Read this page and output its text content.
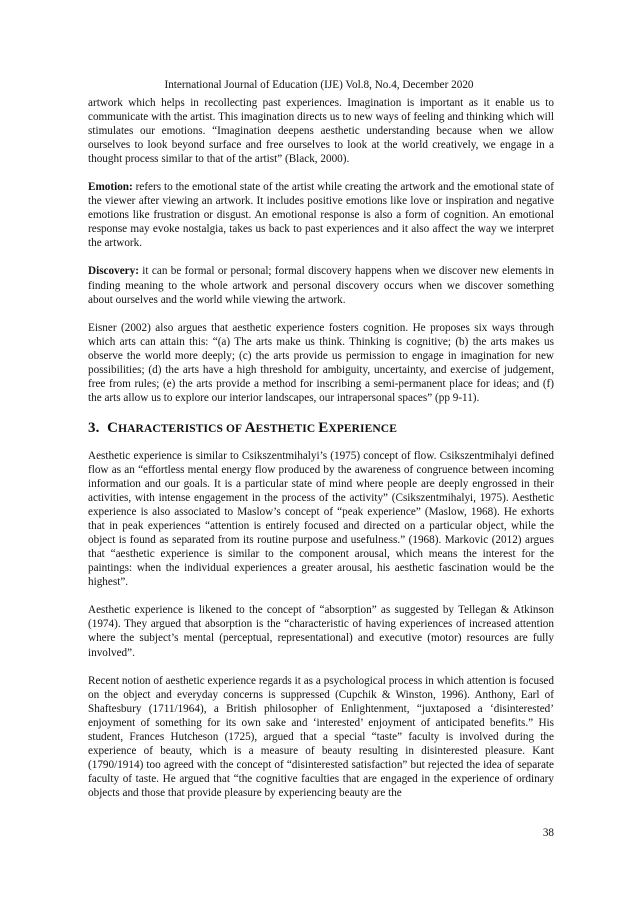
International Journal of Education (IJE) Vol.8, No.4, December 2020

artwork which helps in recollecting past experiences. Imagination is important as it enable us to communicate with the artist. This imagination directs us to new ways of feeling and thinking which will stimulates our emotions. “Imagination deepens aesthetic understanding because when we allow ourselves to look beyond surface and free ourselves to look at the world creatively, we engage in a thought process similar to that of the artist” (Black, 2000).

Emotion: refers to the emotional state of the artist while creating the artwork and the emotional state of the viewer after viewing an artwork. It includes positive emotions like love or inspiration and negative emotions like frustration or disgust. An emotional response is also a form of cognition. An emotional response may evoke nostalgia, takes us back to past experiences and it also affect the way we interpret the artwork.

Discovery: it can be formal or personal; formal discovery happens when we discover new elements in finding meaning to the whole artwork and personal discovery occurs when we discover something about ourselves and the world while viewing the artwork.

Eisner (2002) also argues that aesthetic experience fosters cognition. He proposes six ways through which arts can attain this: “(a) The arts make us think. Thinking is cognitive; (b) the arts makes us observe the world more deeply; (c) the arts provide us permission to engage in imagination for new possibilities; (d) the arts have a high threshold for ambiguity, uncertainty, and exercise of judgement, free from rules; (e) the arts provide a method for inscribing a semi-permanent place for ideas; and (f) the arts allow us to explore our interior landscapes, our intrapersonal spaces” (pp 9-11).

3. CHARACTERISTICS OF AESTHETIC EXPERIENCE

Aesthetic experience is similar to Csikszentmihalyi’s (1975) concept of flow. Csikszentmihalyi defined flow as an “effortless mental energy flow produced by the awareness of congruence between incoming information and our goals. It is a particular state of mind where people are deeply engrossed in their activities, with intense engagement in the process of the activity” (Csikszentmihalyi, 1975). Aesthetic experience is also associated to Maslow’s concept of “peak experience” (Maslow, 1968). He exhorts that in peak experiences “attention is entirely focused and directed on a particular object, while the object is found as separated from its routine purpose and usefulness.” (1968). Markovic (2012) argues that “aesthetic experience is similar to the component arousal, which means the interest for the paintings: when the individual experiences a greater arousal, his aesthetic fascination would be the highest”.

Aesthetic experience is likened to the concept of “absorption” as suggested by Tellegan & Atkinson (1974). They argued that absorption is the “characteristic of having experiences of increased attention where the subject’s mental (perceptual, representational) and executive (motor) resources are fully involved”.

Recent notion of aesthetic experience regards it as a psychological process in which attention is focused on the object and everyday concerns is suppressed (Cupchik & Winston, 1996). Anthony, Earl of Shaftesbury (1711/1964), a British philosopher of Enlightenment, “juxtaposed a ‘disinterested’ enjoyment of something for its own sake and ‘interested’ enjoyment of anticipated benefits.” His student, Frances Hutcheson (1725), argued that a special “taste” faculty is involved during the experience of beauty, which is a measure of beauty resulting in disinterested pleasure. Kant (1790/1914) too agreed with the concept of “disinterested satisfaction” but rejected the idea of separate faculty of taste. He argued that “the cognitive faculties that are engaged in the experience of ordinary objects and those that provide pleasure by experiencing beauty are the

38
